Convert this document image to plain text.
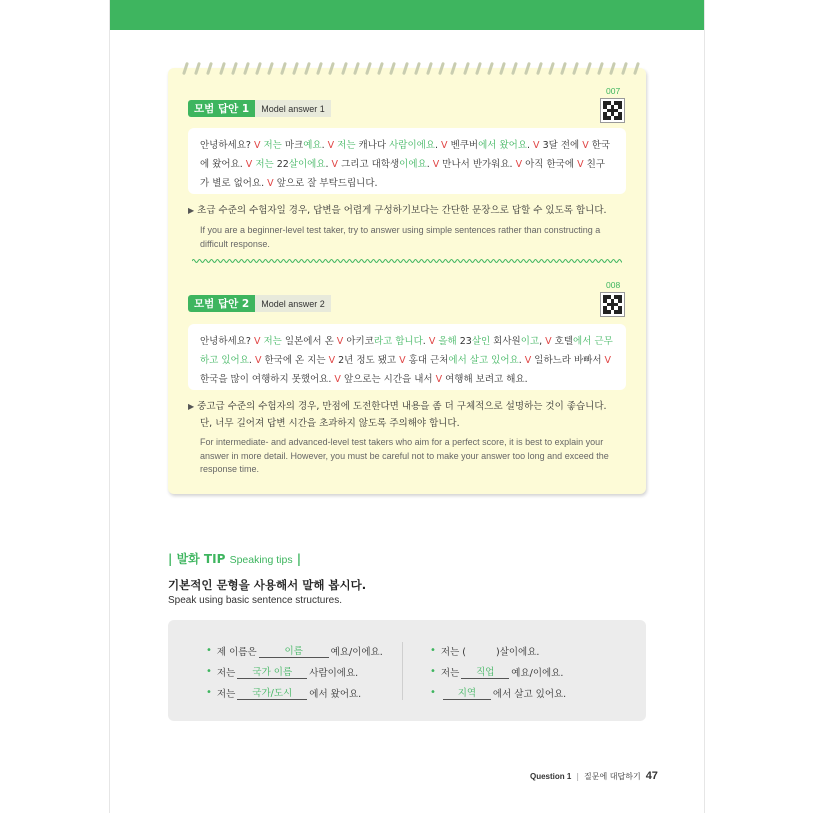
모범 답안 1	Model answer 1
007
안녕하세요? V 저는 마크예요. V 저는 캐나다 사람이에요. V 벤쿠버에서 왔어요. V 3달 전에 V 한국에 왔어요. V 저는 22살이에요. V 그리고 대학생이에요. V 만나서 반가워요. V 아직 한국에 V 친구가 별로 없어요. V 앞으로 잘 부탁드립니다.
▶ 초급 수준의 수험자일 경우, 답변을 어렵게 구성하기보다는 간단한 문장으로 답할 수 있도록 합니다.
If you are a beginner-level test taker, try to answer using simple sentences rather than constructing a difficult response.
모범 답안 2	Model answer 2
008
안녕하세요? V 저는 일본에서 온 V 아키코라고 합니다. V 올해 23살인 회사원이고, V 호텔에서 근무하고 있어요. V 한국에 온 지는 V 2년 정도 됐고 V 홍대 근처에서 살고 있어요. V 일하느라 바빠서 V 한국을 많이 여행하지 못했어요. V 앞으로는 시간을 내서 V 여행해 보려고 해요.
▶ 중고급 수준의 수험자의 경우, 만점에 도전한다면 내용을 좀 더 구체적으로 설명하는 것이 좋습니다.
단, 너무 길어져 답변 시간을 초과하지 않도록 주의해야 합니다.
For intermediate- and advanced-level test takers who aim for a perfect score, it is best to explain your answer in more detail. However, you must be careful not to make your answer too long and exceed the response time.
| 발화 TIP Speaking tips |
기본적인 문형을 사용해서 말해 봅시다.
Speak using basic sentence structures.
• 제 이름은	이름	예요/이에요.
• 저는	국가 이름	사람이에요.
• 저는	국가/도시	에서 왔어요.
• 저는 (	)살이에요.
• 저는	직업	예요/이에요.
•	지역	에서 살고 있어요.
Question 1 | 질문에 대답하기 47
